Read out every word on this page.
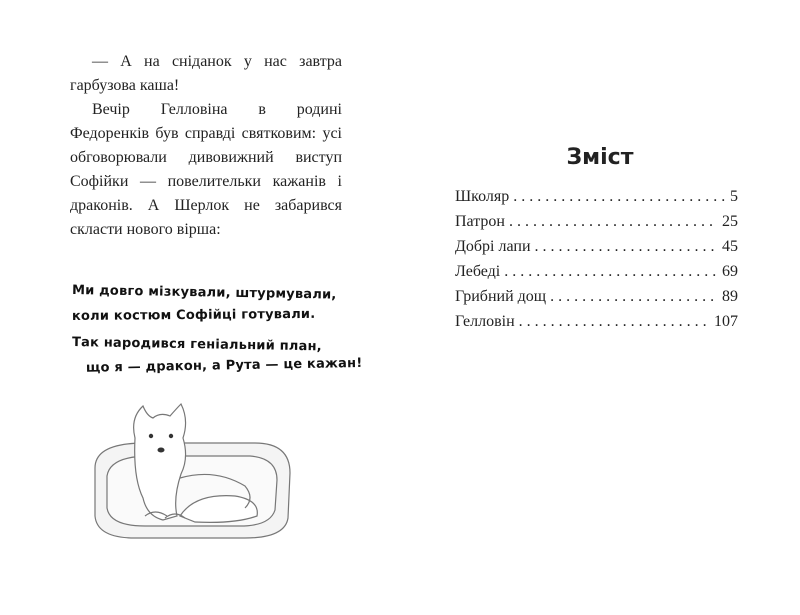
— А на сніданок у нас завтра гарбузова каша!

Вечір Гелловіна в родині Федоренків був справді святковим: усі обговорювали дивовижний виступ Софійки — повелительки кажанів і драконів. А Шерлок не забарився скласти нового вірша:

Ми довго мізкували, штурмували,
коли костюм Софійці готували.
Так народився геніальний план,
що я — дракон, а Рута — це кажан!
Зміст
Школяр . . .	5
Патрон . . .	25
Добрі лапи . . .	45
Лебеді . . .	69
Грибний дощ . . .	89
Гелловін . . .	107
